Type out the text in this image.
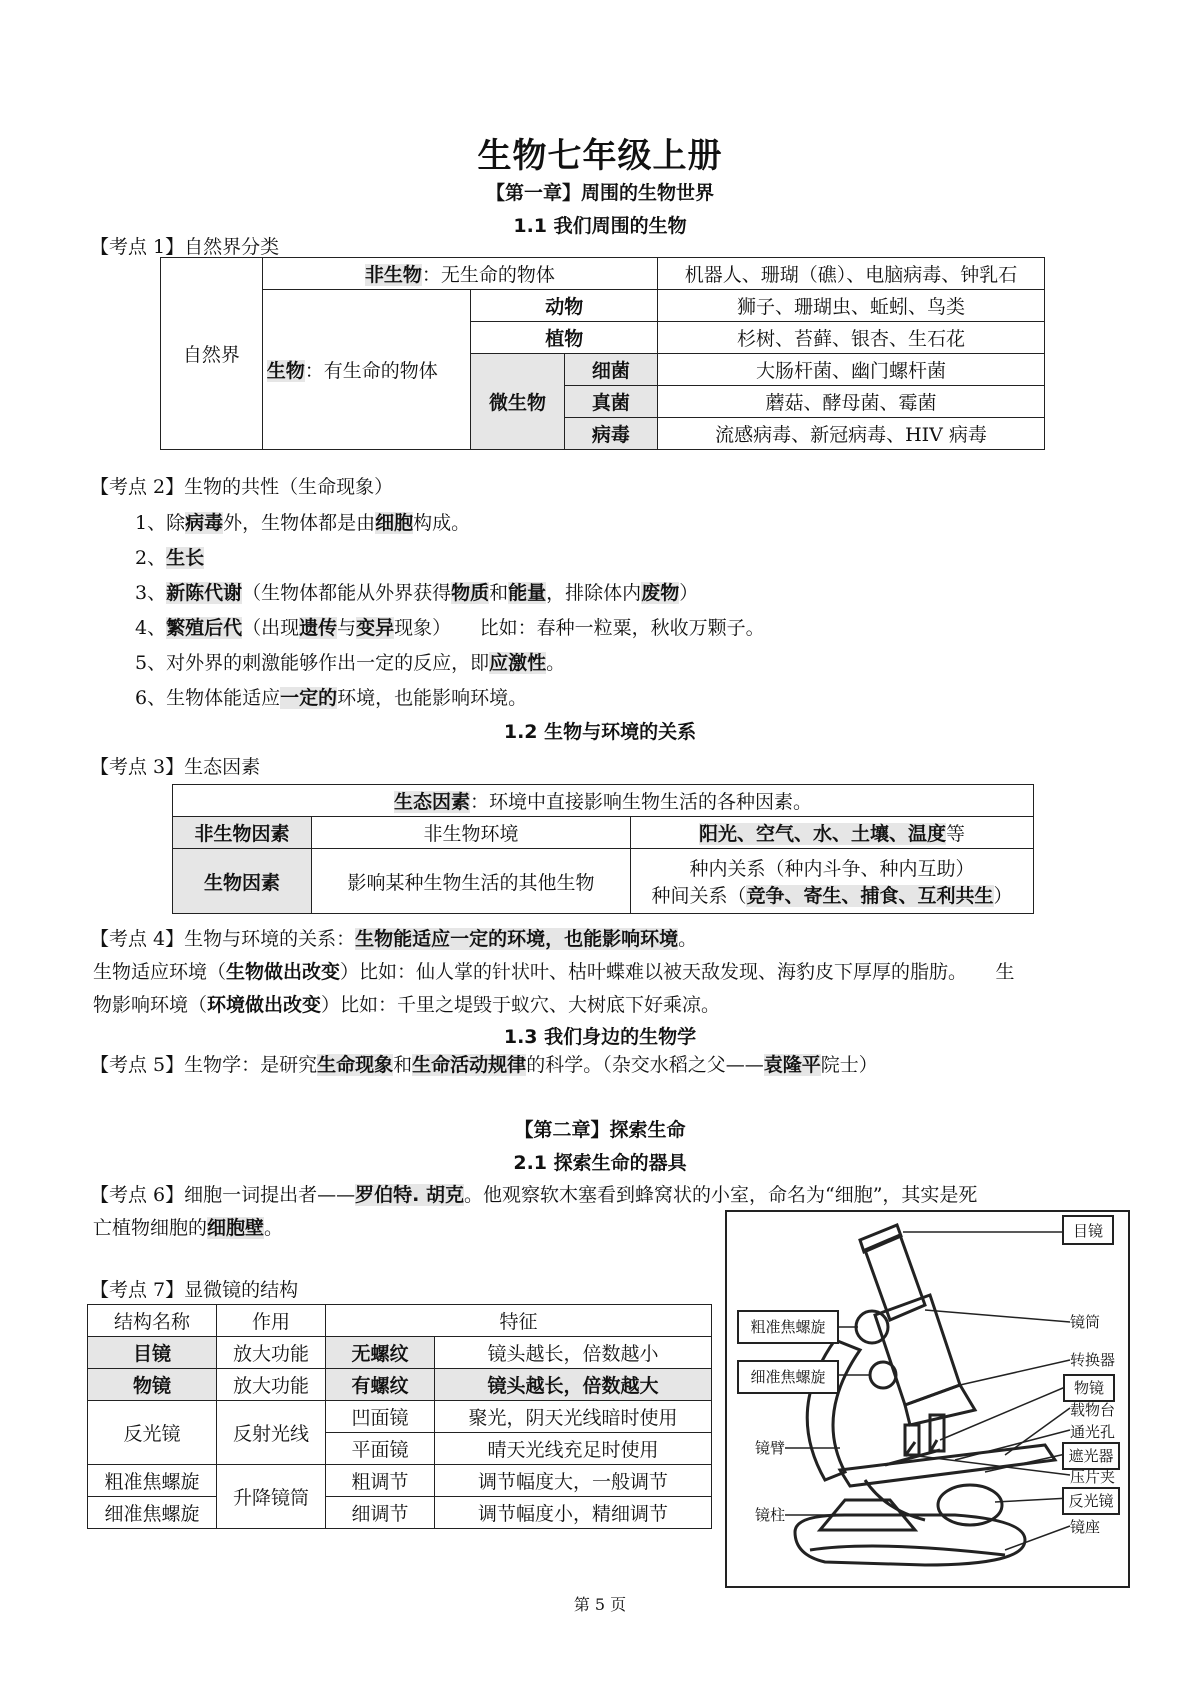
生物七年级上册
【第一章】周围的生物世界
1.1 我们周围的生物
【考点 1】自然界分类
自然界	非生物：无生命的物体			机器人、珊瑚（礁）、电脑病毒、钟乳石
	生物：有生命的物体	动物		狮子、珊瑚虫、蚯蚓、鸟类
		植物		杉树、苔藓、银杏、生石花
		微生物	细菌	大肠杆菌、幽门螺杆菌
			真菌	蘑菇、酵母菌、霉菌
			病毒	流感病毒、新冠病毒、HIV 病毒
【考点 2】生物的共性（生命现象）
1、除病毒外，生物体都是由细胞构成。
2、生长
3、新陈代谢（生物体都能从外界获得物质和能量，排除体内废物）
4、繁殖后代（出现遗传与变异现象）　　比如：春种一粒粟，秋收万颗子。
5、对外界的刺激能够作出一定的反应，即应激性。
6、生物体能适应一定的环境，也能影响环境。
1.2 生物与环境的关系
【考点 3】生态因素
生态因素：环境中直接影响生物生活的各种因素。		
非生物因素	非生物环境	阳光、空气、水、土壤、温度等
生物因素	影响某种生物生活的其他生物	种内关系（种内斗争、种内互助）
种间关系（竞争、寄生、捕食、互利共生）
【考点 4】生物与环境的关系：生物能适应一定的环境，也能影响环境。
生物适应环境（生物做出改变）比如：仙人掌的针状叶、枯叶蝶难以被天敌发现、海豹皮下厚厚的脂肪。　　生
物影响环境（环境做出改变）比如：千里之堤毁于蚁穴、大树底下好乘凉。
1.3 我们身边的生物学
【考点 5】生物学：是研究生命现象和生命活动规律的科学。（杂交水稻之父——袁隆平院士）
【第二章】探索生命
2.1 探索生命的器具
【考点 6】细胞一词提出者——罗伯特. 胡克。他观察软木塞看到蜂窝状的小室，命名为“细胞”，其实是死
亡植物细胞的细胞壁。
【考点 7】显微镜的结构
结构名称	作用	特征	
目镜	放大功能	无螺纹	镜头越长，倍数越小
物镜	放大功能	有螺纹	镜头越长，倍数越大
反光镜	反射光线	凹面镜	聚光，阴天光线暗时使用
		平面镜	晴天光线充足时使用
粗准焦螺旋	升降镜筒	粗调节	调节幅度大，一般调节
细准焦螺旋		细调节	调节幅度小，精细调节
目镜
镜筒
转换器
物镜
载物台
通光孔
遮光器
压片夹
反光镜
镜座
镜臂
镜柱
粗准焦螺旋
细准焦螺旋
第 5 页
